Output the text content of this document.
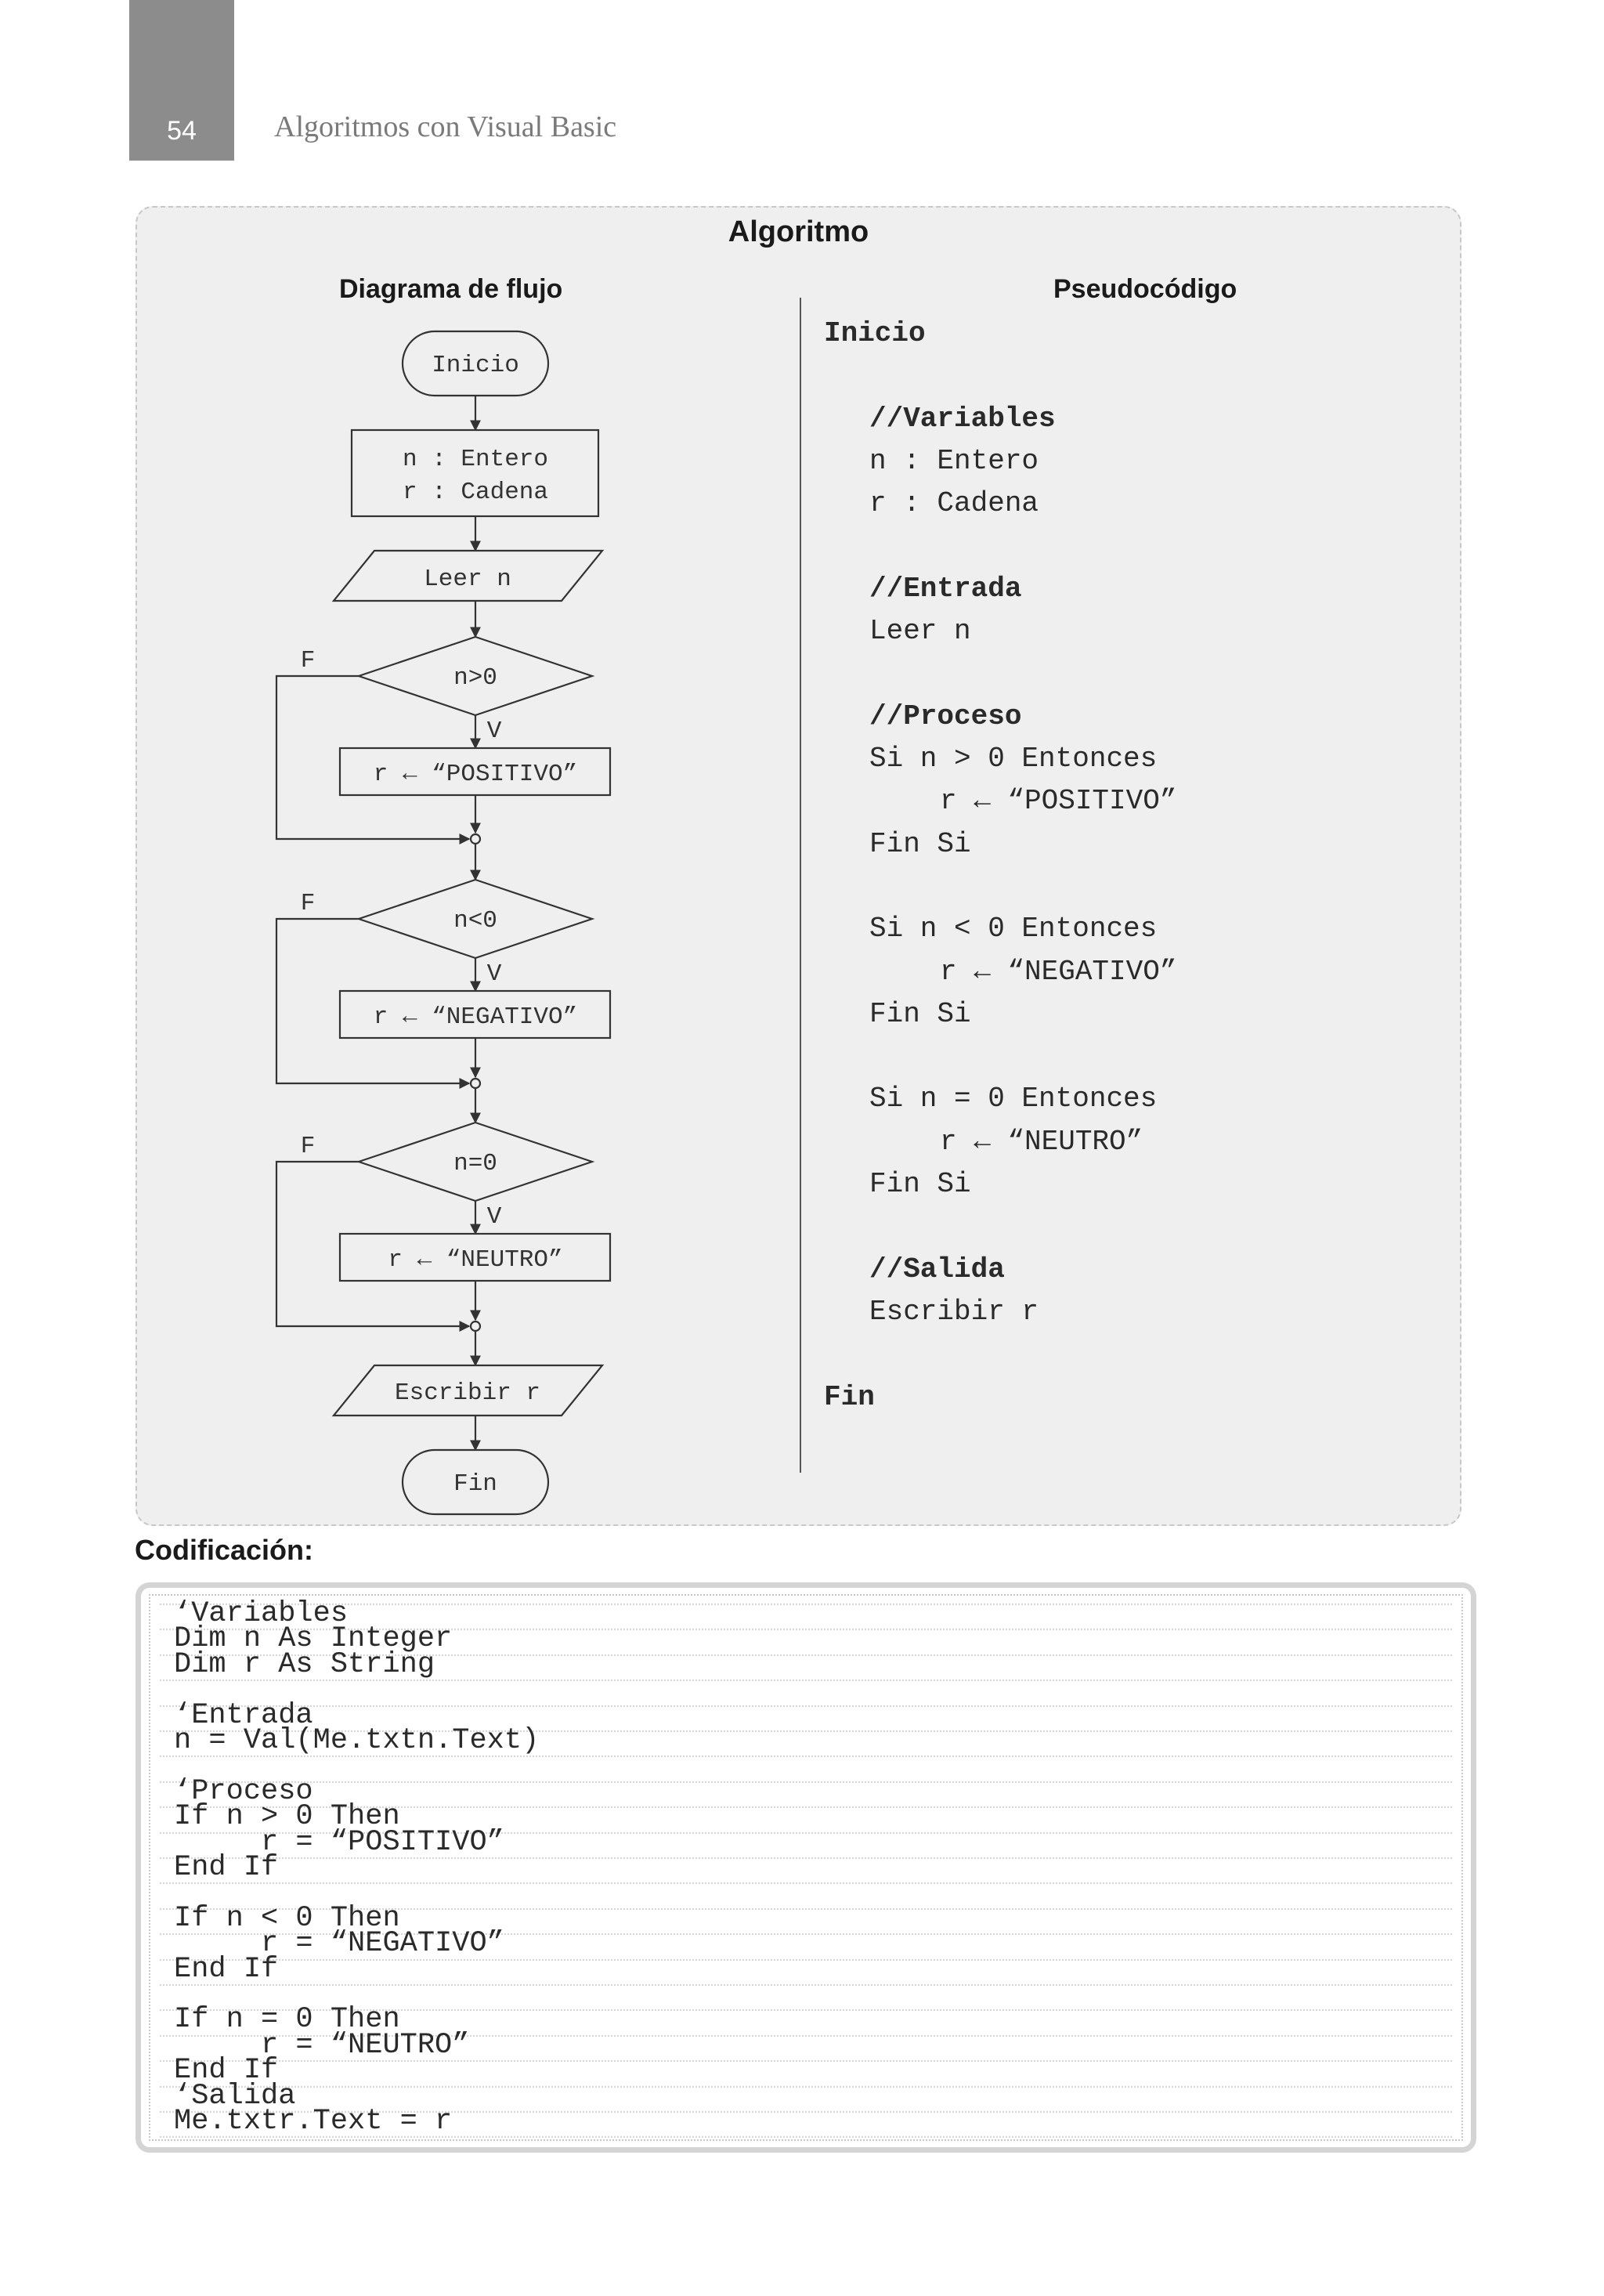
54	Algoritmos con Visual Basic
Algoritmo
Diagrama de flujo	Pseudocódigo
Inicio
n : Entero
r : Cadena
Leer n
n>0
r ← “POSITIVO”
n<0
r ← “NEGATIVO”
n=0
r ← “NEUTRO”
Escribir r
Fin
F
V
F
V
F
V
Inicio
//Variables
n : Entero
r : Cadena
//Entrada
Leer n
//Proceso
Si n > 0 Entonces
r ← “POSITIVO”
Fin Si
Si n < 0 Entonces
r ← “NEGATIVO”
Fin Si
Si n = 0 Entonces
r ← “NEUTRO”
Fin Si
//Salida
Escribir r
Fin
Codificación:
‘Variables
Dim n As Integer
Dim r As String
‘Entrada
n = Val(Me.txtn.Text)
‘Proceso
If n > 0 Then
r = “POSITIVO”
End If
If n < 0 Then
r = “NEGATIVO”
End If
If n = 0 Then
r = “NEUTRO”
End If
‘Salida
Me.txtr.Text = r
